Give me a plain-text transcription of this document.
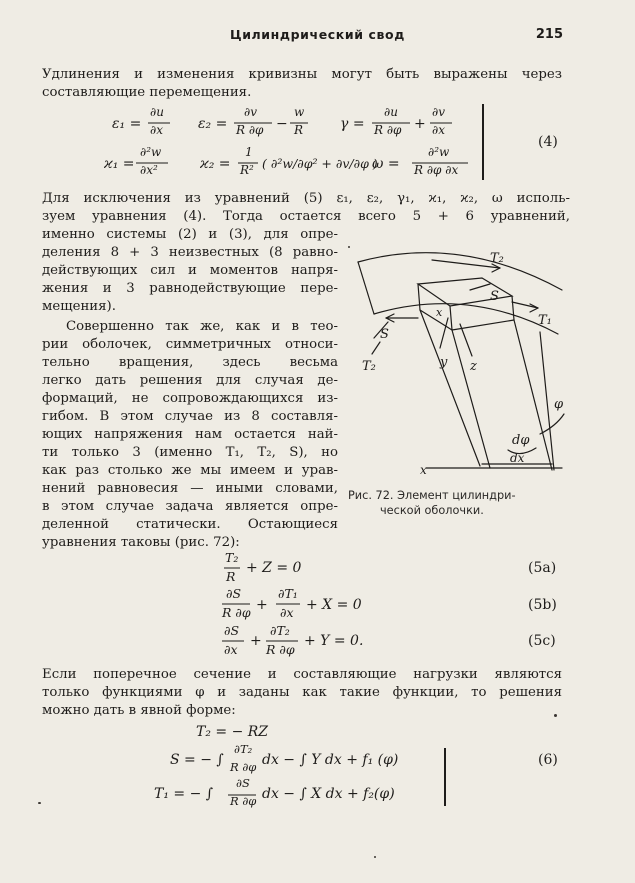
Цилиндрический свод	215
Удлинения и изменения кривизны могут быть выражены через
составляющие перемещения.
ε₁ =
∂u
∂x	ε₂ =
∂v
R ∂φ −
w
R	γ =
∂u
R ∂φ +
∂v
∂x
ϰ₁ =
∂²w
∂x²	ϰ₂ =
1
R² ( ∂²w/∂φ² + ∂v/∂φ )
ω =
∂²w
R ∂φ ∂x
(4)
Для исключения из уравнений (5) ε₁, ε₂, γ₁, ϰ₁, ϰ₂, ω исполь-
зуем уравнения (4). Тогда остается всего 5 + 6 уравнений,
именно системы (2) и (3), для опре-
деления 8 + 3 неизвестных (8 равно-
действующих сил и моментов напря-
жения и 3 равнодействующие пере-
мещения).
Совершенно так же, как и в тео-
рии оболочек, симметричных относи-
тельно вращения, здесь весьма
легко дать решения для случая де-
формаций, не сопровождающихся из-
гибом. В этом случае из 8 составля-
ющих напряжения нам остается най-
ти только 3 (именно T₁, T₂, S), но
как раз столько же мы имеем и урав-
нений равновесия — иными словами,
в этом случае задача является опре-
деленной статически. Остающиеся
уравнения таковы (рис. 72):
T₂
S
T₁
S
T₂
x
y z
φ
dφ
x
dx
Рис. 72. Элемент цилиндри-
ческой оболочки.
T₂
R
+ Z = 0	(5a)
∂S
R ∂φ +
∂T₁
∂x + X = 0	(5b)
∂S
∂x
+
∂T₂
R ∂φ
+ Y = 0.	(5c)
Если поперечное сечение и составляющие нагрузки являются
только функциями φ и заданы как такие функции, то решения
можно дать в явной форме:
T₂ = − RZ
S = − ∫
∂T₂
R ∂φ dx − ∫ Y dx + f₁ (φ)
T₁ = − ∫
∂S
R ∂φ dx − ∫ X dx + f₂(φ)
(6)
